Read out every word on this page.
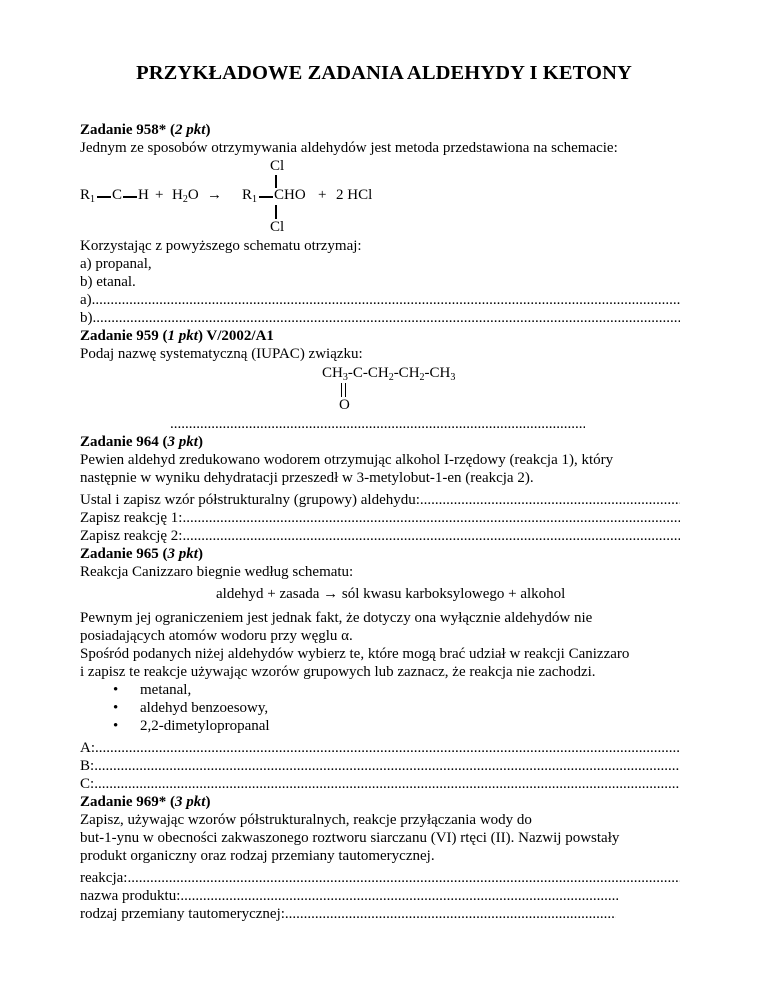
PRZYKŁADOWE ZADANIA ALDEHYDY I KETONY
Zadanie 958* (2 pkt)
Jednym ze sposobów otrzymywania aldehydów jest metoda przedstawiona na schemacie:
Cl
$R_1$ C $H + H_2O \to R_1$ CHO + 2 HCl
Cl
Korzystając z powyższego schematu otrzymaj:
a) propanal,
b) etanal.
a)
.....
b)
.....
Zadanie 959 (1 pkt) V/2002/A1
Podaj nazwę systematyczną (IUPAC) związku:
$CH_3-C-CH_2-CH_2-CH_3$
O
.....
Zadanie 964 (3 pkt)
Pewien aldehyd zredukowano wodorem otrzymując alkohol I-rzędowy (reakcja 1), który
następnie w wyniku dehydratacji przeszedł w 3-metylobut-1-en (reakcja 2).
Ustal i zapisz wzór półstrukturalny (grupowy) aldehydu:
.....
Zapisz reakcję 1:
.....
Zapisz reakcję 2:
.....
Zadanie 965 (3 pkt)
Reakcja Canizzaro biegnie według schematu:
aldehyd + zasada → sól kwasu karboksylowego + alkohol
Pewnym jej ograniczeniem jest jednak fakt, że dotyczy ona wyłącznie aldehydów nie
posiadających atomów wodoru przy węglu α.
Spośród podanych niżej aldehydów wybierz te, które mogą brać udział w reakcji Canizzaro
i zapisz te reakcje używając wzorów grupowych lub zaznacz, że reakcja nie zachodzi.
• metanal,
• aldehyd benzoesowy,
• 2,2-dimetylopropanal
A:
.....
B:
.....
C:
.....
Zadanie 969* (3 pkt)
Zapisz, używając wzorów półstrukturalnych, reakcje przyłączania wody do
but-1-ynu w obecności zakwaszonego roztworu siarczanu (VI) rtęci (II). Nazwij powstały
produkt organiczny oraz rodzaj przemiany tautomerycznej.
reakcja:
.....
nazwa produktu:
.....
rodzaj przemiany tautomerycznej:
.....
